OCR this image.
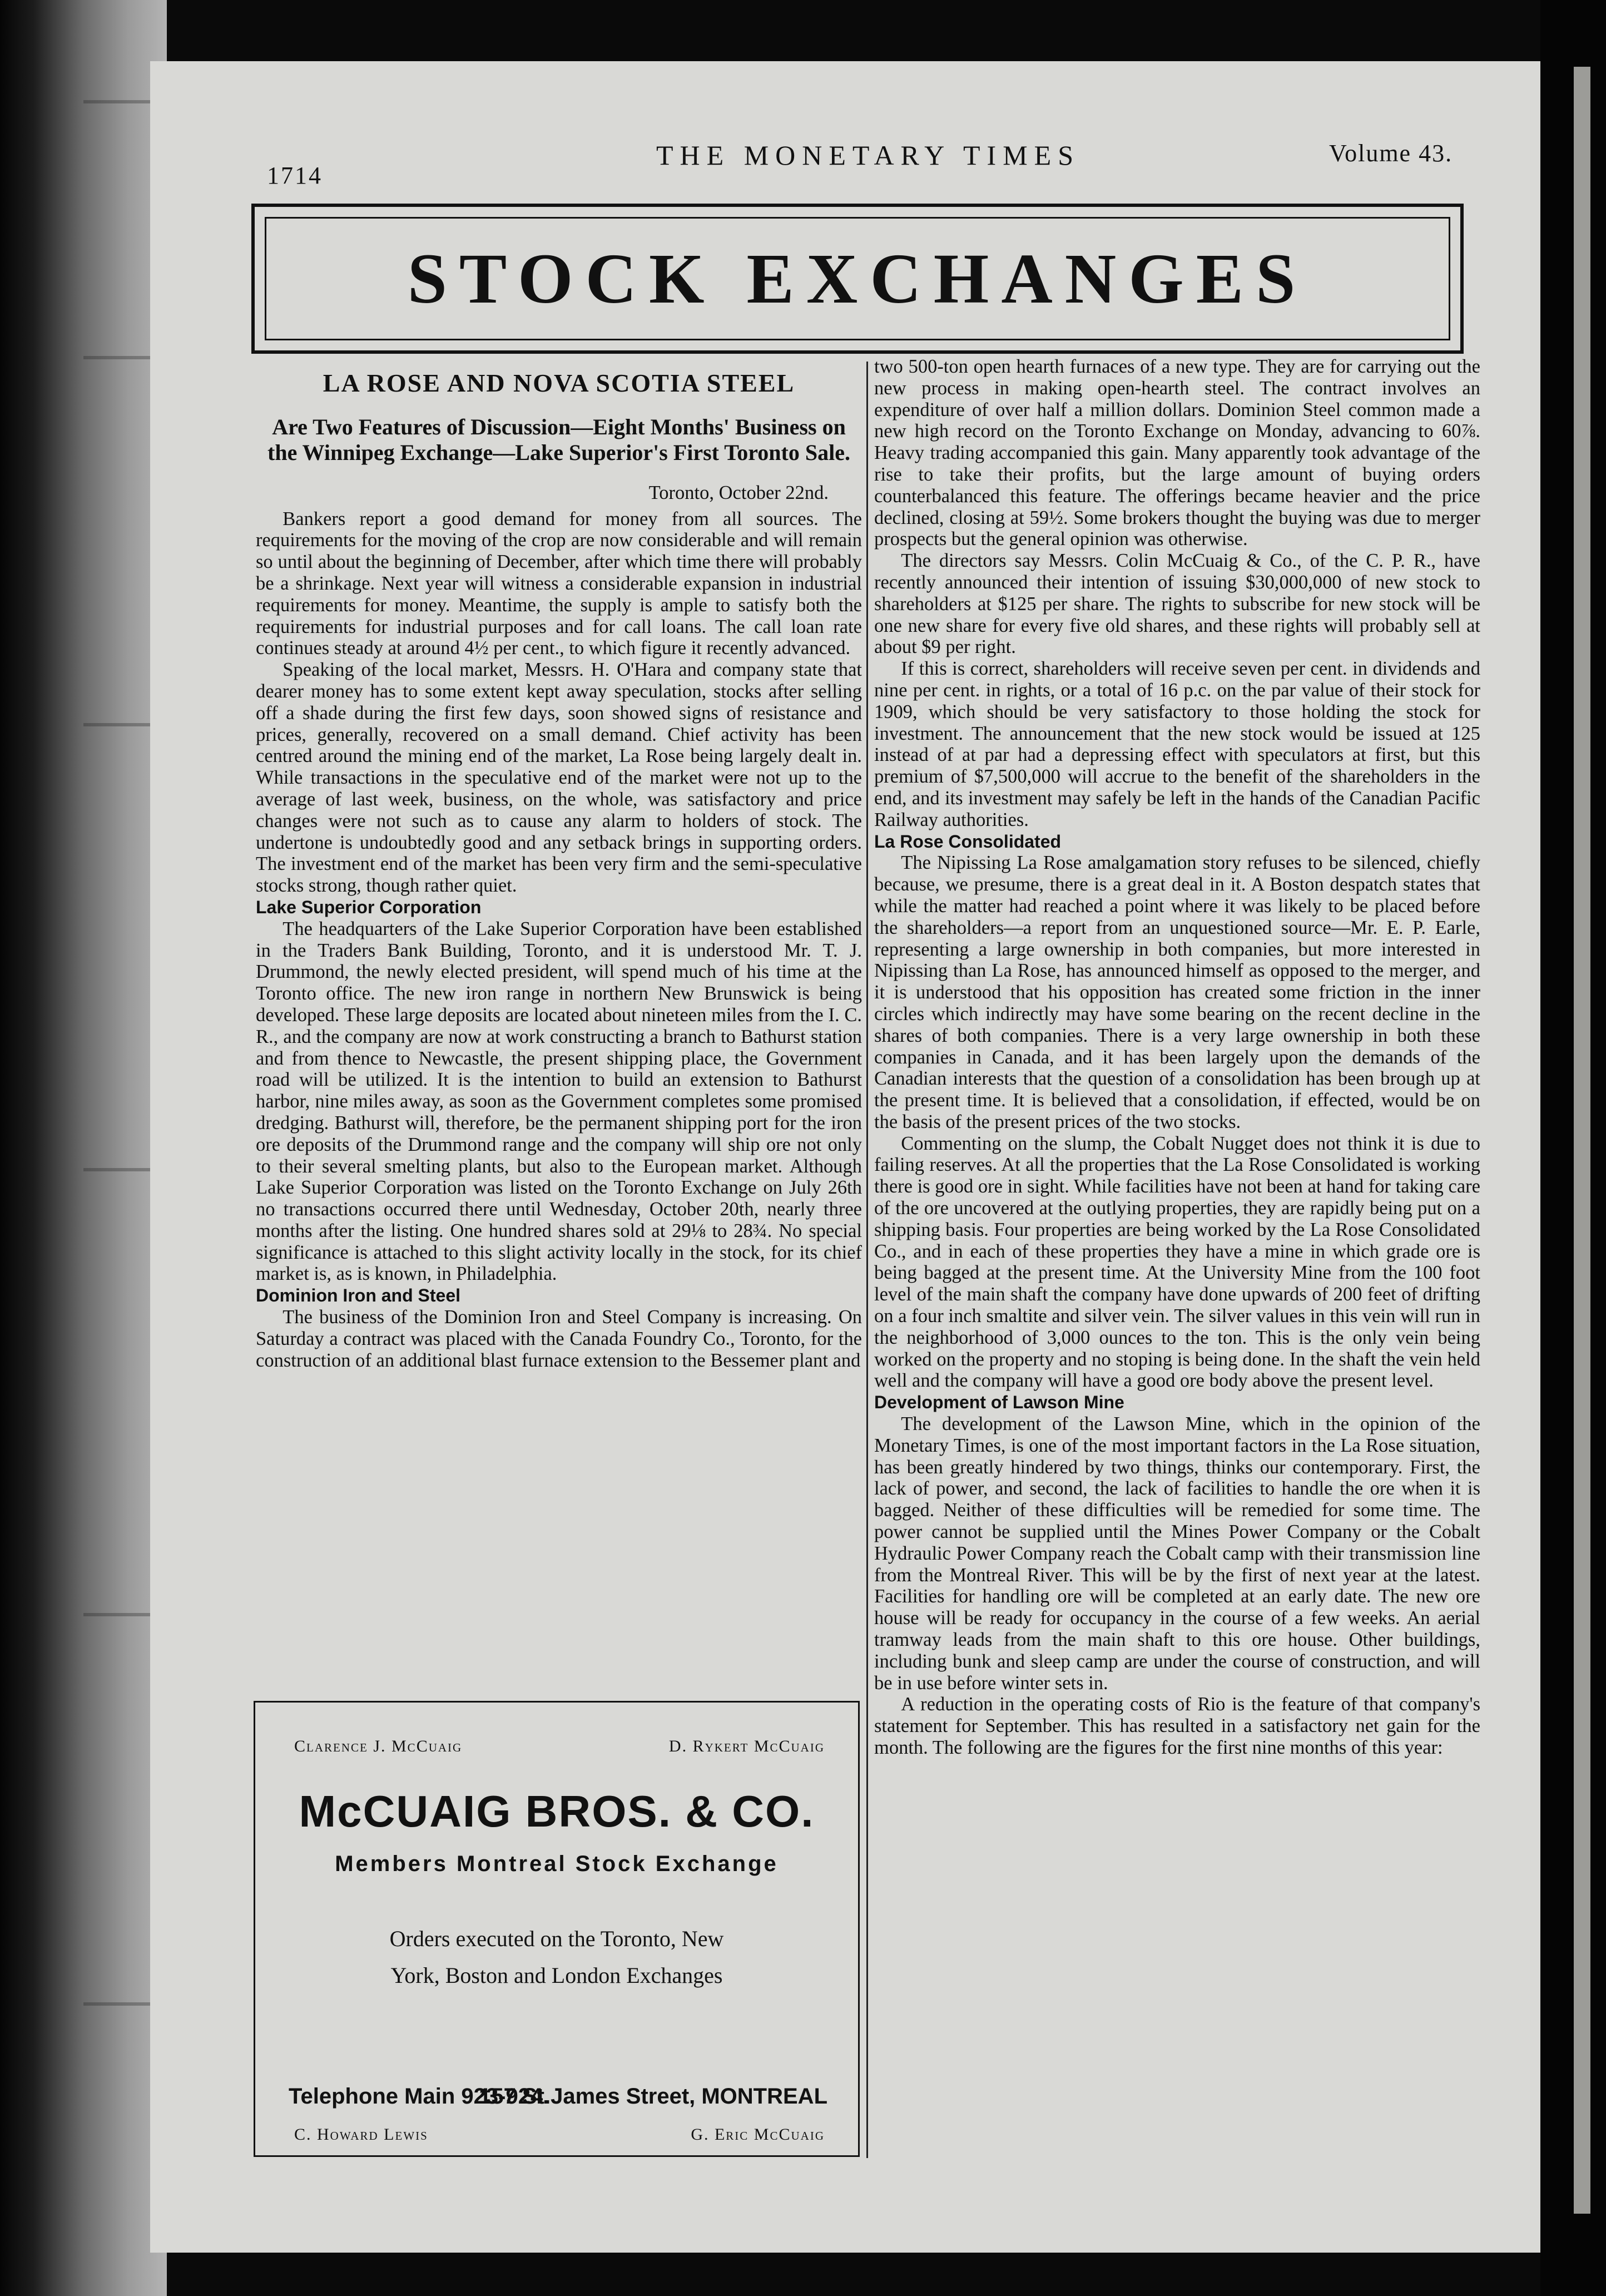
1714
THE MONETARY TIMES	Volume 43.
STOCK EXCHANGES
LA ROSE AND NOVA SCOTIA STEEL
Are Two Features of Discussion—Eight Months' Business on the Winnipeg Exchange—Lake Superior's First Toronto Sale.
Toronto, October 22nd.

Bankers report a good demand for money from all sources. The requirements for the moving of the crop are now considerable and will remain so until about the beginning of December, after which time there will probably be a shrinkage. Next year will witness a considerable expansion in industrial requirements for money. Meantime, the supply is ample to satisfy both the requirements for industrial purposes and for call loans. The call loan rate continues steady at around 4½ per cent., to which figure it recently advanced.

Speaking of the local market, Messrs. H. O'Hara and company state that dearer money has to some extent kept away speculation, stocks after selling off a shade during the first few days, soon showed signs of resistance and prices, generally, recovered on a small demand. Chief activity has been centred around the mining end of the market, La Rose being largely dealt in. While transactions in the speculative end of the market were not up to the average of last week, business, on the whole, was satisfactory and price changes were not such as to cause any alarm to holders of stock. The undertone is undoubtedly good and any setback brings in supporting orders. The investment end of the market has been very firm and the semi-speculative stocks strong, though rather quiet.

Lake Superior Corporation

The headquarters of the Lake Superior Corporation have been established in the Traders Bank Building, Toronto, and it is understood Mr. T. J. Drummond, the newly elected president, will spend much of his time at the Toronto office. The new iron range in northern New Brunswick is being developed. These large deposits are located about nineteen miles from the I. C. R., and the company are now at work constructing a branch to Bathurst station and from thence to Newcastle, the present shipping place, the Government road will be utilized. It is the intention to build an extension to Bathurst harbor, nine miles away, as soon as the Government completes some promised dredging. Bathurst will, therefore, be the permanent shipping port for the iron ore deposits of the Drummond range and the company will ship ore not only to their several smelting plants, but also to the European market. Although Lake Superior Corporation was listed on the Toronto Exchange on July 26th no transactions occurred there until Wednesday, October 20th, nearly three months after the listing. One hundred shares sold at 29⅛ to 28¾. No special significance is attached to this slight activity locally in the stock, for its chief market is, as is known, in Philadelphia.

Dominion Iron and Steel

The business of the Dominion Iron and Steel Company is increasing. On Saturday a contract was placed with the Canada Foundry Co., Toronto, for the construction of an additional blast furnace extension to the Bessemer plant and

two 500-ton open hearth furnaces of a new type. They are for carrying out the new process in making open-hearth steel. The contract involves an expenditure of over half a million dollars. Dominion Steel common made a new high record on the Toronto Exchange on Monday, advancing to 60⅞. Heavy trading accompanied this gain. Many apparently took advantage of the rise to take their profits, but the large amount of buying orders counterbalanced this feature. The offerings became heavier and the price declined, closing at 59½. Some brokers thought the buying was due to merger prospects but the general opinion was otherwise.

The directors say Messrs. Colin McCuaig & Co., of the C. P. R., have recently announced their intention of issuing $30,000,000 of new stock to shareholders at $125 per share. The rights to subscribe for new stock will be one new share for every five old shares, and these rights will probably sell at about $9 per right.

If this is correct, shareholders will receive seven per cent. in dividends and nine per cent. in rights, or a total of 16 p.c. on the par value of their stock for 1909, which should be very satisfactory to those holding the stock for investment. The announcement that the new stock would be issued at 125 instead of at par had a depressing effect with speculators at first, but this premium of $7,500,000 will accrue to the benefit of the shareholders in the end, and its investment may safely be left in the hands of the Canadian Pacific Railway authorities.

La Rose Consolidated

The Nipissing La Rose amalgamation story refuses to be silenced, chiefly because, we presume, there is a great deal in it. A Boston despatch states that while the matter had reached a point where it was likely to be placed before the shareholders—a report from an unquestioned source—Mr. E. P. Earle, representing a large ownership in both companies, but more interested in Nipissing than La Rose, has announced himself as opposed to the merger, and it is understood that his opposition has created some friction in the inner circles which indirectly may have some bearing on the recent decline in the shares of both companies. There is a very large ownership in both these companies in Canada, and it has been largely upon the demands of the Canadian interests that the question of a consolidation has been brough up at the present time. It is believed that a consolidation, if effected, would be on the basis of the present prices of the two stocks.

Commenting on the slump, the Cobalt Nugget does not think it is due to failing reserves. At all the properties that the La Rose Consolidated is working there is good ore in sight. While facilities have not been at hand for taking care of the ore uncovered at the outlying properties, they are rapidly being put on a shipping basis. Four properties are being worked by the La Rose Consolidated Co., and in each of these properties they have a mine in which grade ore is being bagged at the present time. At the University Mine from the 100 foot level of the main shaft the company have done upwards of 200 feet of drifting on a four inch smaltite and silver vein. The silver values in this vein will run in the neighborhood of 3,000 ounces to the ton. This is the only vein being worked on the property and no stoping is being done. In the shaft the vein held well and the company will have a good ore body above the present level.

Development of Lawson Mine

The development of the Lawson Mine, which in the opinion of the Monetary Times, is one of the most important factors in the La Rose situation, has been greatly hindered by two things, thinks our contemporary. First, the lack of power, and second, the lack of facilities to handle the ore when it is bagged. Neither of these difficulties will be remedied for some time. The power cannot be supplied until the Mines Power Company or the Cobalt Hydraulic Power Company reach the Cobalt camp with their transmission line from the Montreal River. This will be by the first of next year at the latest. Facilities for handling ore will be completed at an early date. The new ore house will be ready for occupancy in the course of a few weeks. An aerial tramway leads from the main shaft to this ore house. Other buildings, including bunk and sleep camp are under the course of construction, and will be in use before winter sets in.

A reduction in the operating costs of Rio is the feature of that company's statement for September. This has resulted in a satisfactory net gain for the month. The following are the figures for the first nine months of this year:

Clarence J. McCuaig	D. Rykert McCuaig
McCUAIG BROS. & CO.
Members Montreal Stock Exchange
Orders executed on the Toronto, New
York, Boston and London Exchanges
Telephone Main 923-924.
157 St.James Street, MONTREAL
C. Howard Lewis	G. Eric McCuaig
